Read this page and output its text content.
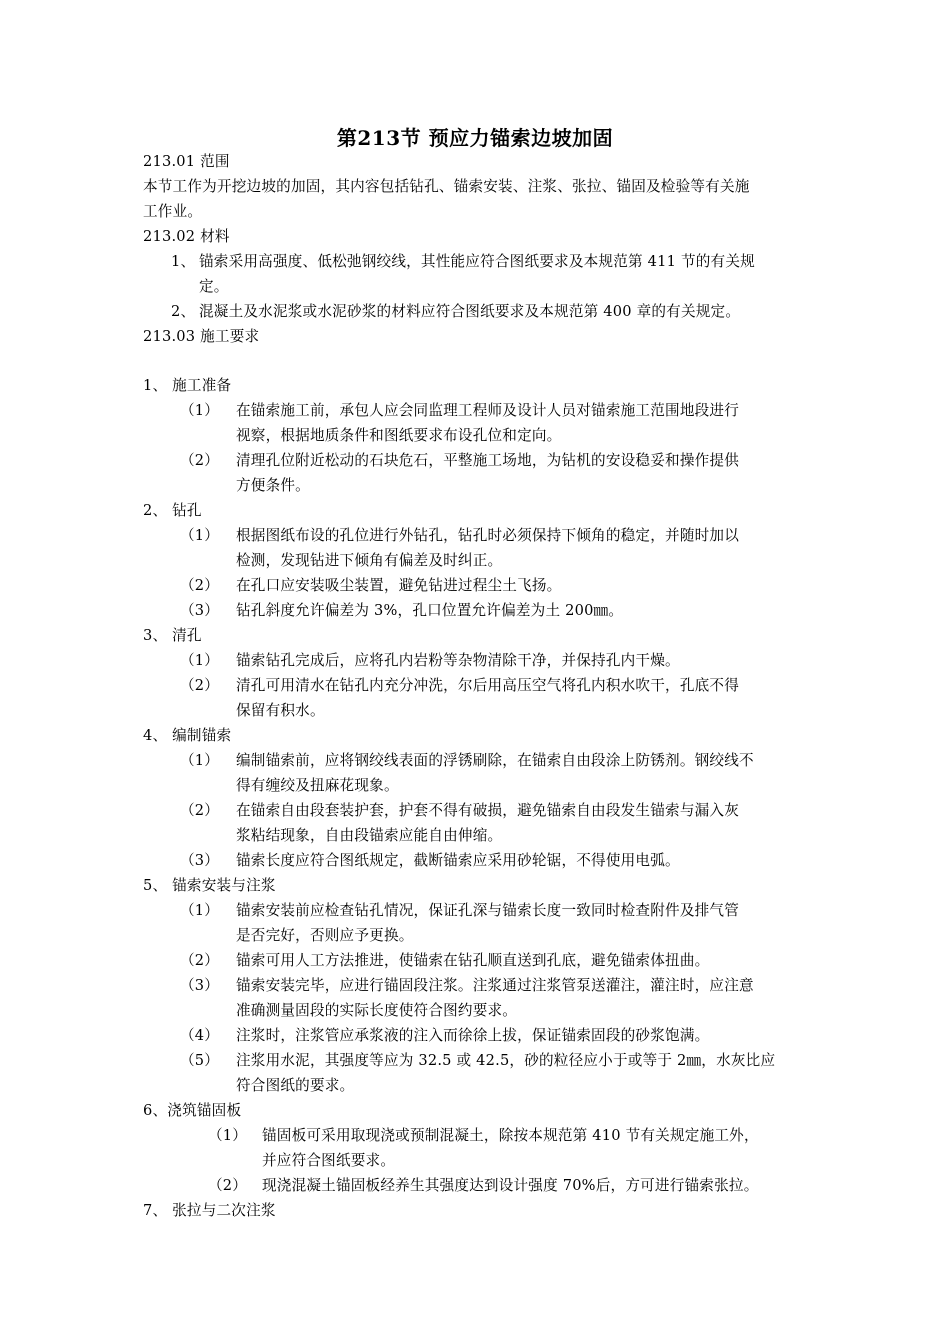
第213节 预应力锚索边坡加固
213.01 范围
本节工作为开挖边坡的加固，其内容包括钻孔、锚索安装、注浆、张拉、锚固及检验等有关施
工作业。
213.02 材料
1、 锚索采用高强度、低松弛钢绞线，其性能应符合图纸要求及本规范第 411 节的有关规
定。
2、 混凝土及水泥浆或水泥砂浆的材料应符合图纸要求及本规范第 400 章的有关规定。
213.03 施工要求
1、 施工准备
（1） 在锚索施工前，承包人应会同监理工程师及设计人员对锚索施工范围地段进行
视察，根据地质条件和图纸要求布设孔位和定向。
（2） 清理孔位附近松动的石块危石，平整施工场地，为钻机的安设稳妥和操作提供
方便条件。
2、 钻孔
（1） 根据图纸布设的孔位进行外钻孔，钻孔时必须保持下倾角的稳定，并随时加以
检测，发现钻进下倾角有偏差及时纠正。
（2） 在孔口应安装吸尘装置，避免钻进过程尘土飞扬。
（3） 钻孔斜度允许偏差为 3%，孔口位置允许偏差为土 200㎜。
3、 清孔
（1） 锚索钻孔完成后，应将孔内岩粉等杂物清除干净，并保持孔内干燥。
（2） 清孔可用清水在钻孔内充分冲洗，尔后用高压空气将孔内积水吹干，孔底不得
保留有积水。
4、 编制锚索
（1） 编制锚索前，应将钢绞线表面的浮锈刷除，在锚索自由段涂上防锈剂。钢绞线不
得有缠绞及扭麻花现象。
（2） 在锚索自由段套装护套，护套不得有破损，避免锚索自由段发生锚索与漏入灰
浆粘结现象，自由段锚索应能自由伸缩。
（3） 锚索长度应符合图纸规定，截断锚索应采用砂轮锯，不得使用电弧。
5、 锚索安装与注浆
（1） 锚索安装前应检查钻孔情况，保证孔深与锚索长度一致同时检查附件及排气管
是否完好，否则应予更换。
（2） 锚索可用人工方法推进，使锚索在钻孔顺直送到孔底，避免锚索体扭曲。
（3） 锚索安装完毕，应进行锚固段注浆。注浆通过注浆管泵送灌注，灌注时，应注意
准确测量固段的实际长度使符合图约要求。
（4） 注浆时，注浆管应承浆液的注入而徐徐上拔，保证锚索固段的砂浆饱满。
（5） 注浆用水泥，其强度等应为 32.5 或 42.5，砂的粒径应小于或等于 2㎜，水灰比应
符合图纸的要求。
6、浇筑锚固板
（1） 锚固板可采用取现浇或预制混凝土，除按本规范第 410 节有关规定施工外，
并应符合图纸要求。
（2） 现浇混凝土锚固板经养生其强度达到设计强度 70%后，方可进行锚索张拉。
7、 张拉与二次注浆
